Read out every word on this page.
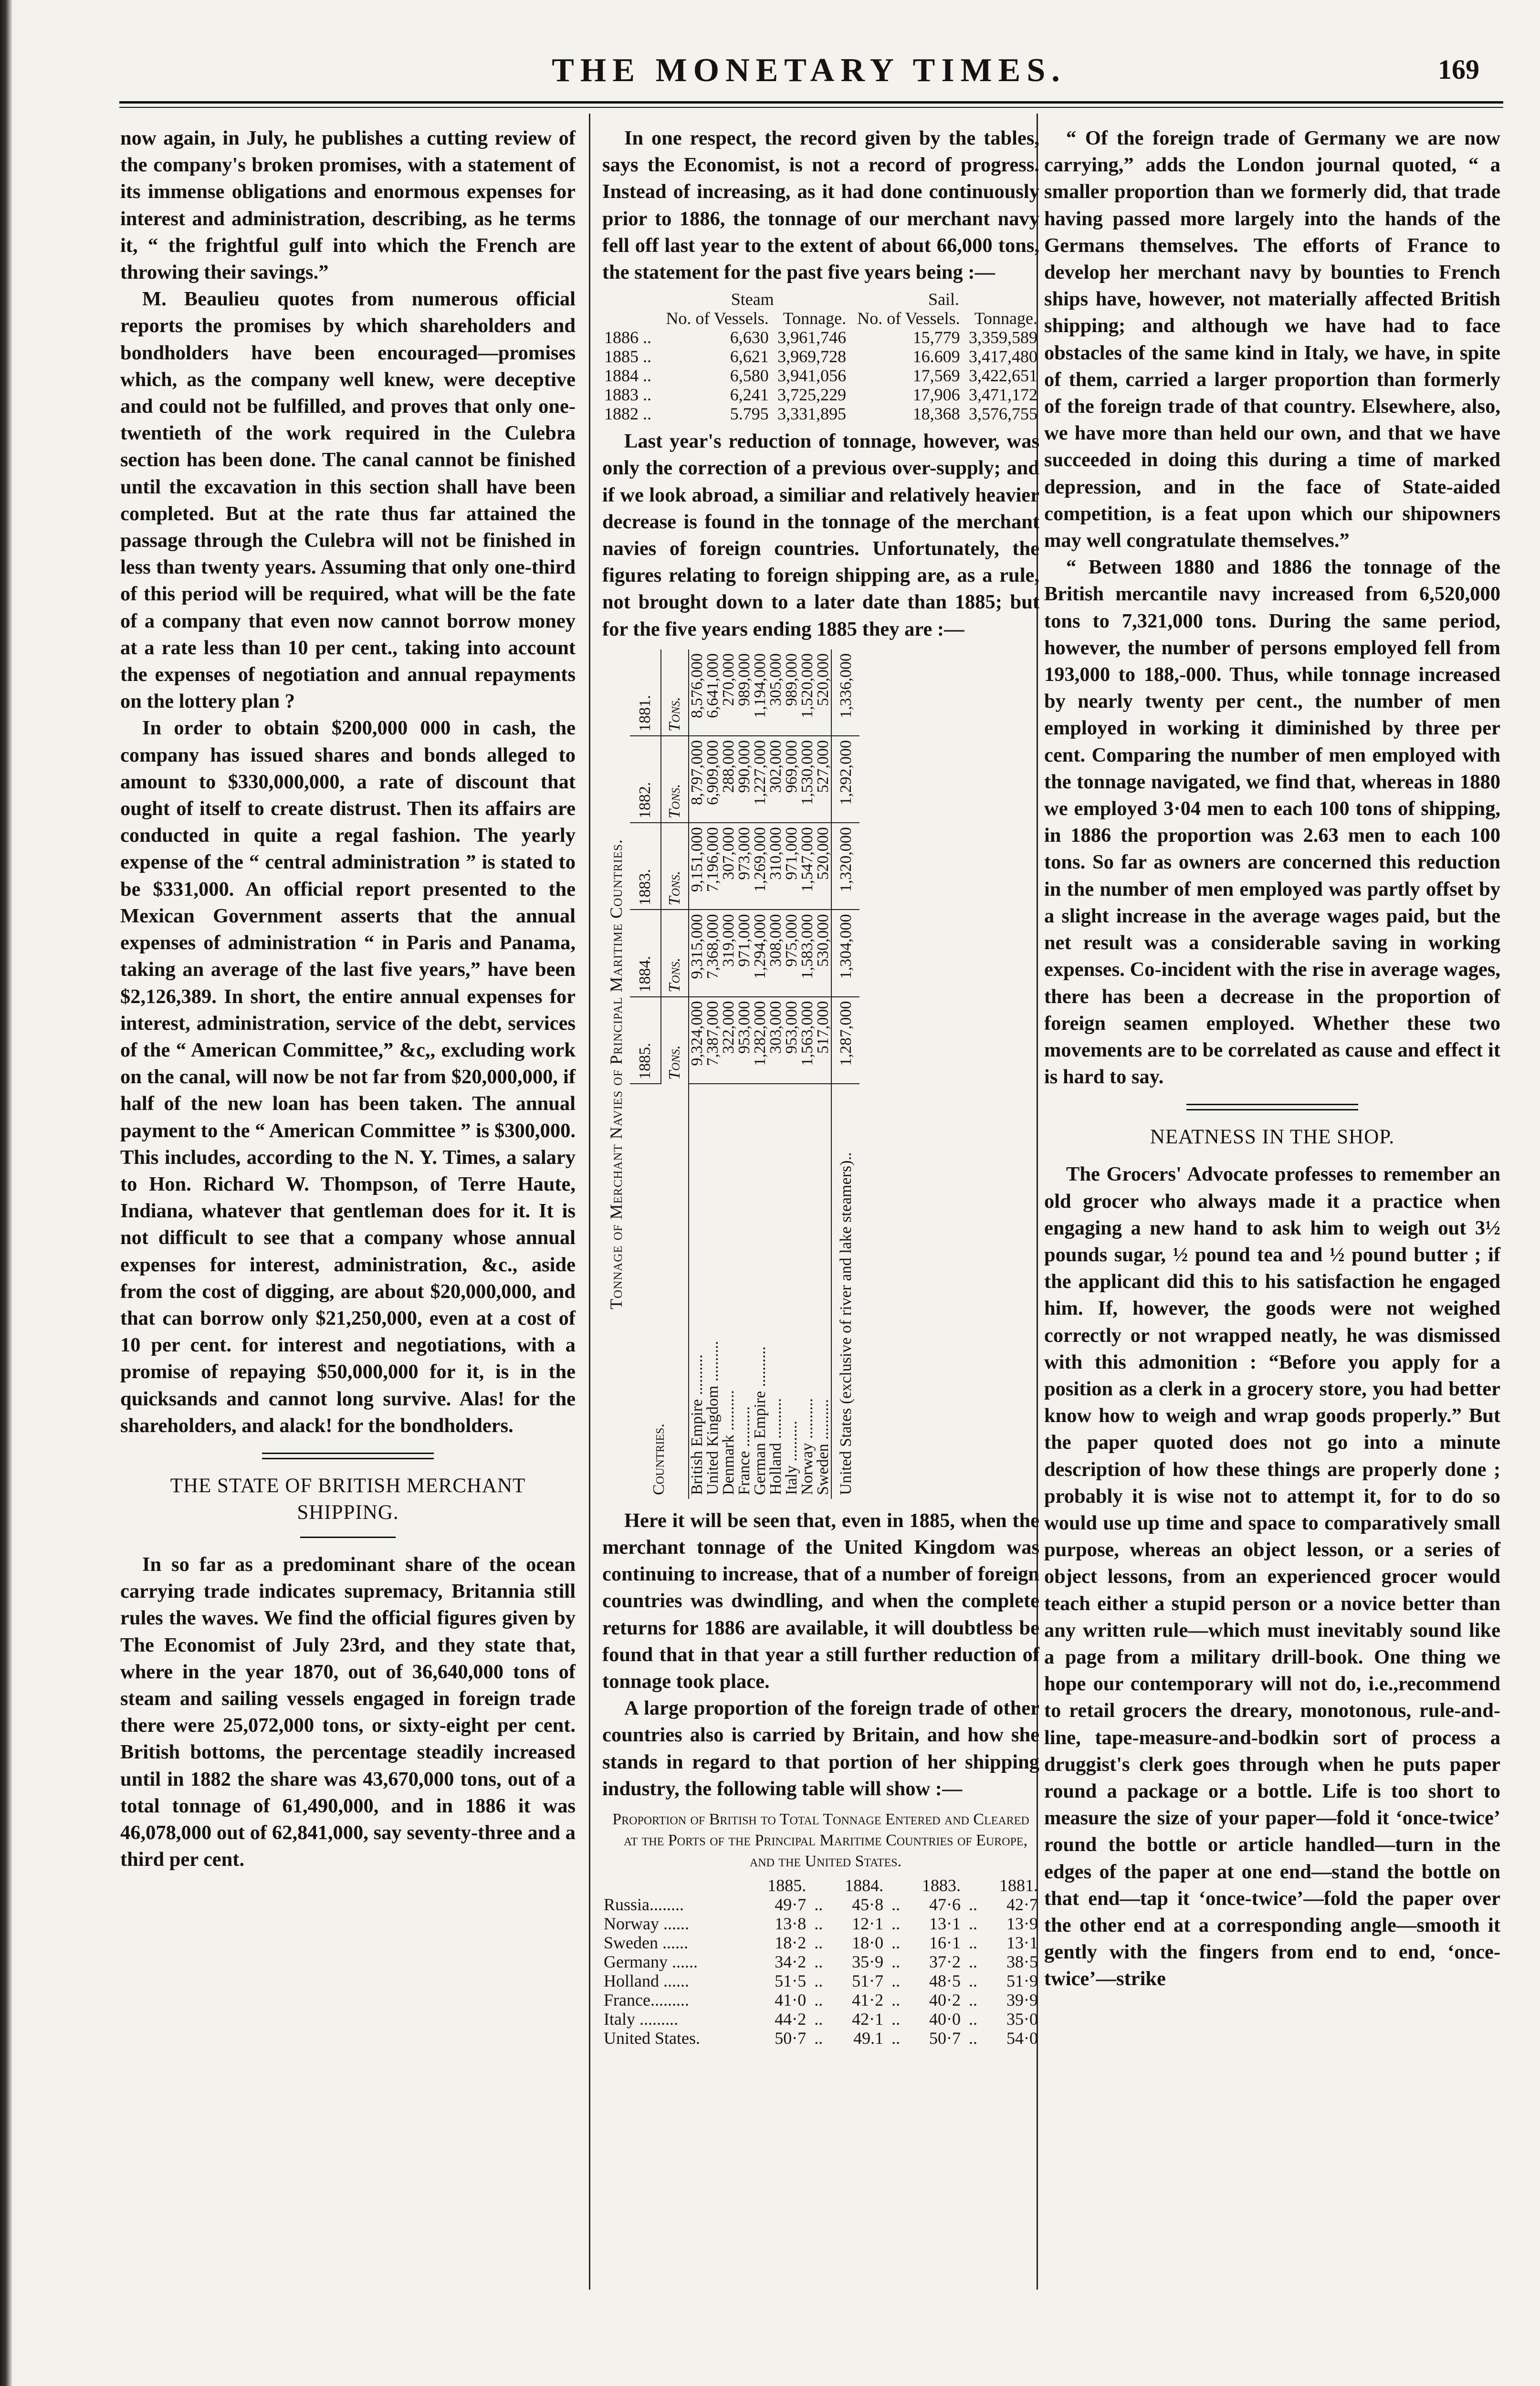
THE MONETARY TIMES.	169

now again, in July, he publishes a cutting review of the company's broken promises, with a statement of its immense obligations and enormous expenses for interest and administration, describing, as he terms it, “ the frightful gulf into which the French are throwing their savings.”

M. Beaulieu quotes from numerous official reports the promises by which shareholders and bondholders have been encouraged—promises which, as the company well knew, were deceptive and could not be fulfilled, and proves that only one-twentieth of the work required in the Culebra section has been done. The canal cannot be finished until the excavation in this section shall have been completed. But at the rate thus far attained the passage through the Culebra will not be finished in less than twenty years. Assuming that only one-third of this period will be required, what will be the fate of a company that even now cannot borrow money at a rate less than 10 per cent., taking into account the expenses of negotiation and annual repayments on the lottery plan ?

In order to obtain $200,000 000 in cash, the company has issued shares and bonds alleged to amount to $330,000,000, a rate of discount that ought of itself to create distrust. Then its affairs are conducted in quite a regal fashion. The yearly expense of the “ central administration ” is stated to be $331,000. An official report presented to the Mexican Government asserts that the annual expenses of administration “ in Paris and Panama, taking an average of the last five years,” have been $2,126,389. In short, the entire annual expenses for interest, administration, service of the debt, services of the “ American Committee,” &c,, excluding work on the canal, will now be not far from $20,000,000, if half of the new loan has been taken. The annual payment to the “ American Committee ” is $300,000. This includes, according to the N. Y. Times, a salary to Hon. Richard W. Thompson, of Terre Haute, Indiana, whatever that gentleman does for it. It is not difficult to see that a company whose annual expenses for interest, administration, &c., aside from the cost of digging, are about $20,000,000, and that can borrow only $21,250,000, even at a cost of 10 per cent. for interest and negotiations, with a promise of repaying $50,000,000 for it, is in the quicksands and cannot long survive. Alas! for the shareholders, and alack! for the bondholders.

THE STATE OF BRITISH MERCHANT SHIPPING.

In so far as a predominant share of the ocean carrying trade indicates supremacy, Britannia still rules the waves. We find the official figures given by The Economist of July 23rd, and they state that, where in the year 1870, out of 36,640,000 tons of steam and sailing vessels engaged in foreign trade there were 25,072,000 tons, or sixty-eight per cent. British bottoms, the percentage steadily increased until in 1882 the share was 43,670,000 tons, out of a total tonnage of 61,490,000, and in 1886 it was 46,078,000 out of 62,841,000, say seventy-three and a third per cent.

In one respect, the record given by the tables, says the Economist, is not a record of progress. Instead of increasing, as it had done continuously prior to 1886, the tonnage of our merchant navy fell off last year to the extent of about 66,000 tons, the statement for the past five years being :—

	Steam		Sail.	
	No. of Vessels.	Tonnage.	No. of Vessels.	Tonnage.
1886 ..	6,630	3,961,746	15,779	3,359,589
1885 ..	6,621	3,969,728	16.609	3,417,480
1884 ..	6,580	3,941,056	17,569	3,422,651
1883 ..	6,241	3,725,229	17,906	3,471,172
1882 ..	5.795	3,331,895	18,368	3,576,755

Last year's reduction of tonnage, however, was only the correction of a previous over-supply; and if we look abroad, a similiar and relatively heavier decrease is found in the tonnage of the merchant navies of foreign countries. Unfortunately, the figures relating to foreign shipping are, as a rule, not brought down to a later date than 1885; but for the five years ending 1885 they are :—

Tonnage of Merchant Navies of Principal Maritime Countries.
Countries.	1885.	1884.	1883.	1882.	1881.
	Tons.	Tons.	Tons.	Tons.	Tons.
British Empire ..........	9,324,000	9,315,000	9,151,000	8,797,000	8,576,000
United Kingdom ..........	7,387,000	7,368,000	7,196,000	6,909,000	6,641,000
Denmark ..........	322,000	319,000	307,000	288,000	270,000
France ..........	953,000	971,000	973,000	990,000	989,000
German Empire ..........	1,282,000	1,294,000	1,269,000	1,227,000	1,194,000
Holland ..........	303,000	308,000	310,000	302,000	305,000
Italy ..........	953,000	975,000	971,000	969,000	989,000
Norway ..........	1,563,000	1,583,000	1,547,000	1,530,000	1,520,000
Sweden ..........	517,000	530,000	520,000	527,000	520,000
United States (exclusive of river and lake steamers)..	1,287,000	1,304,000	1,320,000	1,292,000	1,336,000

Here it will be seen that, even in 1885, when the merchant tonnage of the United Kingdom was continuing to increase, that of a number of foreign countries was dwindling, and when the complete returns for 1886 are available, it will doubtless be found that in that year a still further reduction of tonnage took place.

A large proportion of the foreign trade of other countries also is carried by Britain, and how she stands in regard to that portion of her shipping industry, the following table will show :—

Proportion of British to Total Tonnage Entered and Cleared at the Ports of the Principal Maritime Countries of Europe, and the United States.
	1885.		1884.		1883.		1881.
Russia........	49·7	..	45·8	..	47·6	..	42·7
Norway ......	13·8	..	12·1	..	13·1	..	13·9
Sweden ......	18·2	..	18·0	..	16·1	..	13·1
Germany ......	34·2	..	35·9	..	37·2	..	38·5
Holland ......	51·5	..	51·7	..	48·5	..	51·9
France.........	41·0	..	41·2	..	40·2	..	39·9
Italy .........	44·2	..	42·1	..	40·0	..	35·0
United States.	50·7	..	49.1	..	50·7	..	54·0

“ Of the foreign trade of Germany we are now carrying,” adds the London journal quoted, “ a smaller proportion than we formerly did, that trade having passed more largely into the hands of the Germans themselves. The efforts of France to develop her merchant navy by bounties to French ships have, however, not materially affected British shipping; and although we have had to face obstacles of the same kind in Italy, we have, in spite of them, carried a larger proportion than formerly of the foreign trade of that country. Elsewhere, also, we have more than held our own, and that we have succeeded in doing this during a time of marked depression, and in the face of State-aided competition, is a feat upon which our shipowners may well congratulate themselves.”

“ Between 1880 and 1886 the tonnage of the British mercantile navy increased from 6,520,000 tons to 7,321,000 tons. During the same period, however, the number of persons employed fell from 193,000 to 188,-000. Thus, while tonnage increased by nearly twenty per cent., the number of men employed in working it diminished by three per cent. Comparing the number of men employed with the tonnage navigated, we find that, whereas in 1880 we employed 3·04 men to each 100 tons of shipping, in 1886 the proportion was 2.63 men to each 100 tons. So far as owners are concerned this reduction in the number of men employed was partly offset by a slight increase in the average wages paid, but the net result was a considerable saving in working expenses. Co-incident with the rise in average wages, there has been a decrease in the proportion of foreign seamen employed. Whether these two movements are to be correlated as cause and effect it is hard to say.

NEATNESS IN THE SHOP.

The Grocers' Advocate professes to remember an old grocer who always made it a practice when engaging a new hand to ask him to weigh out 3½ pounds sugar, ½ pound tea and ½ pound butter ; if the applicant did this to his satisfaction he engaged him. If, however, the goods were not weighed correctly or not wrapped neatly, he was dismissed with this admonition : “Before you apply for a position as a clerk in a grocery store, you had better know how to weigh and wrap goods properly.” But the paper quoted does not go into a minute description of how these things are properly done ; probably it is wise not to attempt it, for to do so would use up time and space to comparatively small purpose, whereas an object lesson, or a series of object lessons, from an experienced grocer would teach either a stupid person or a novice better than any written rule—which must inevitably sound like a page from a military drill-book. One thing we hope our contemporary will not do, i.e.,recommend to retail grocers the dreary, monotonous, rule-and-line, tape-measure-and-bodkin sort of process a druggist's clerk goes through when he puts paper round a package or a bottle. Life is too short to measure the size of your paper—fold it ‘once-twice’ round the bottle or article handled—turn in the edges of the paper at one end—stand the bottle on that end—tap it ‘once-twice’—fold the paper over the other end at a corresponding angle—smooth it gently with the fingers from end to end, ‘once-twice’—strike
